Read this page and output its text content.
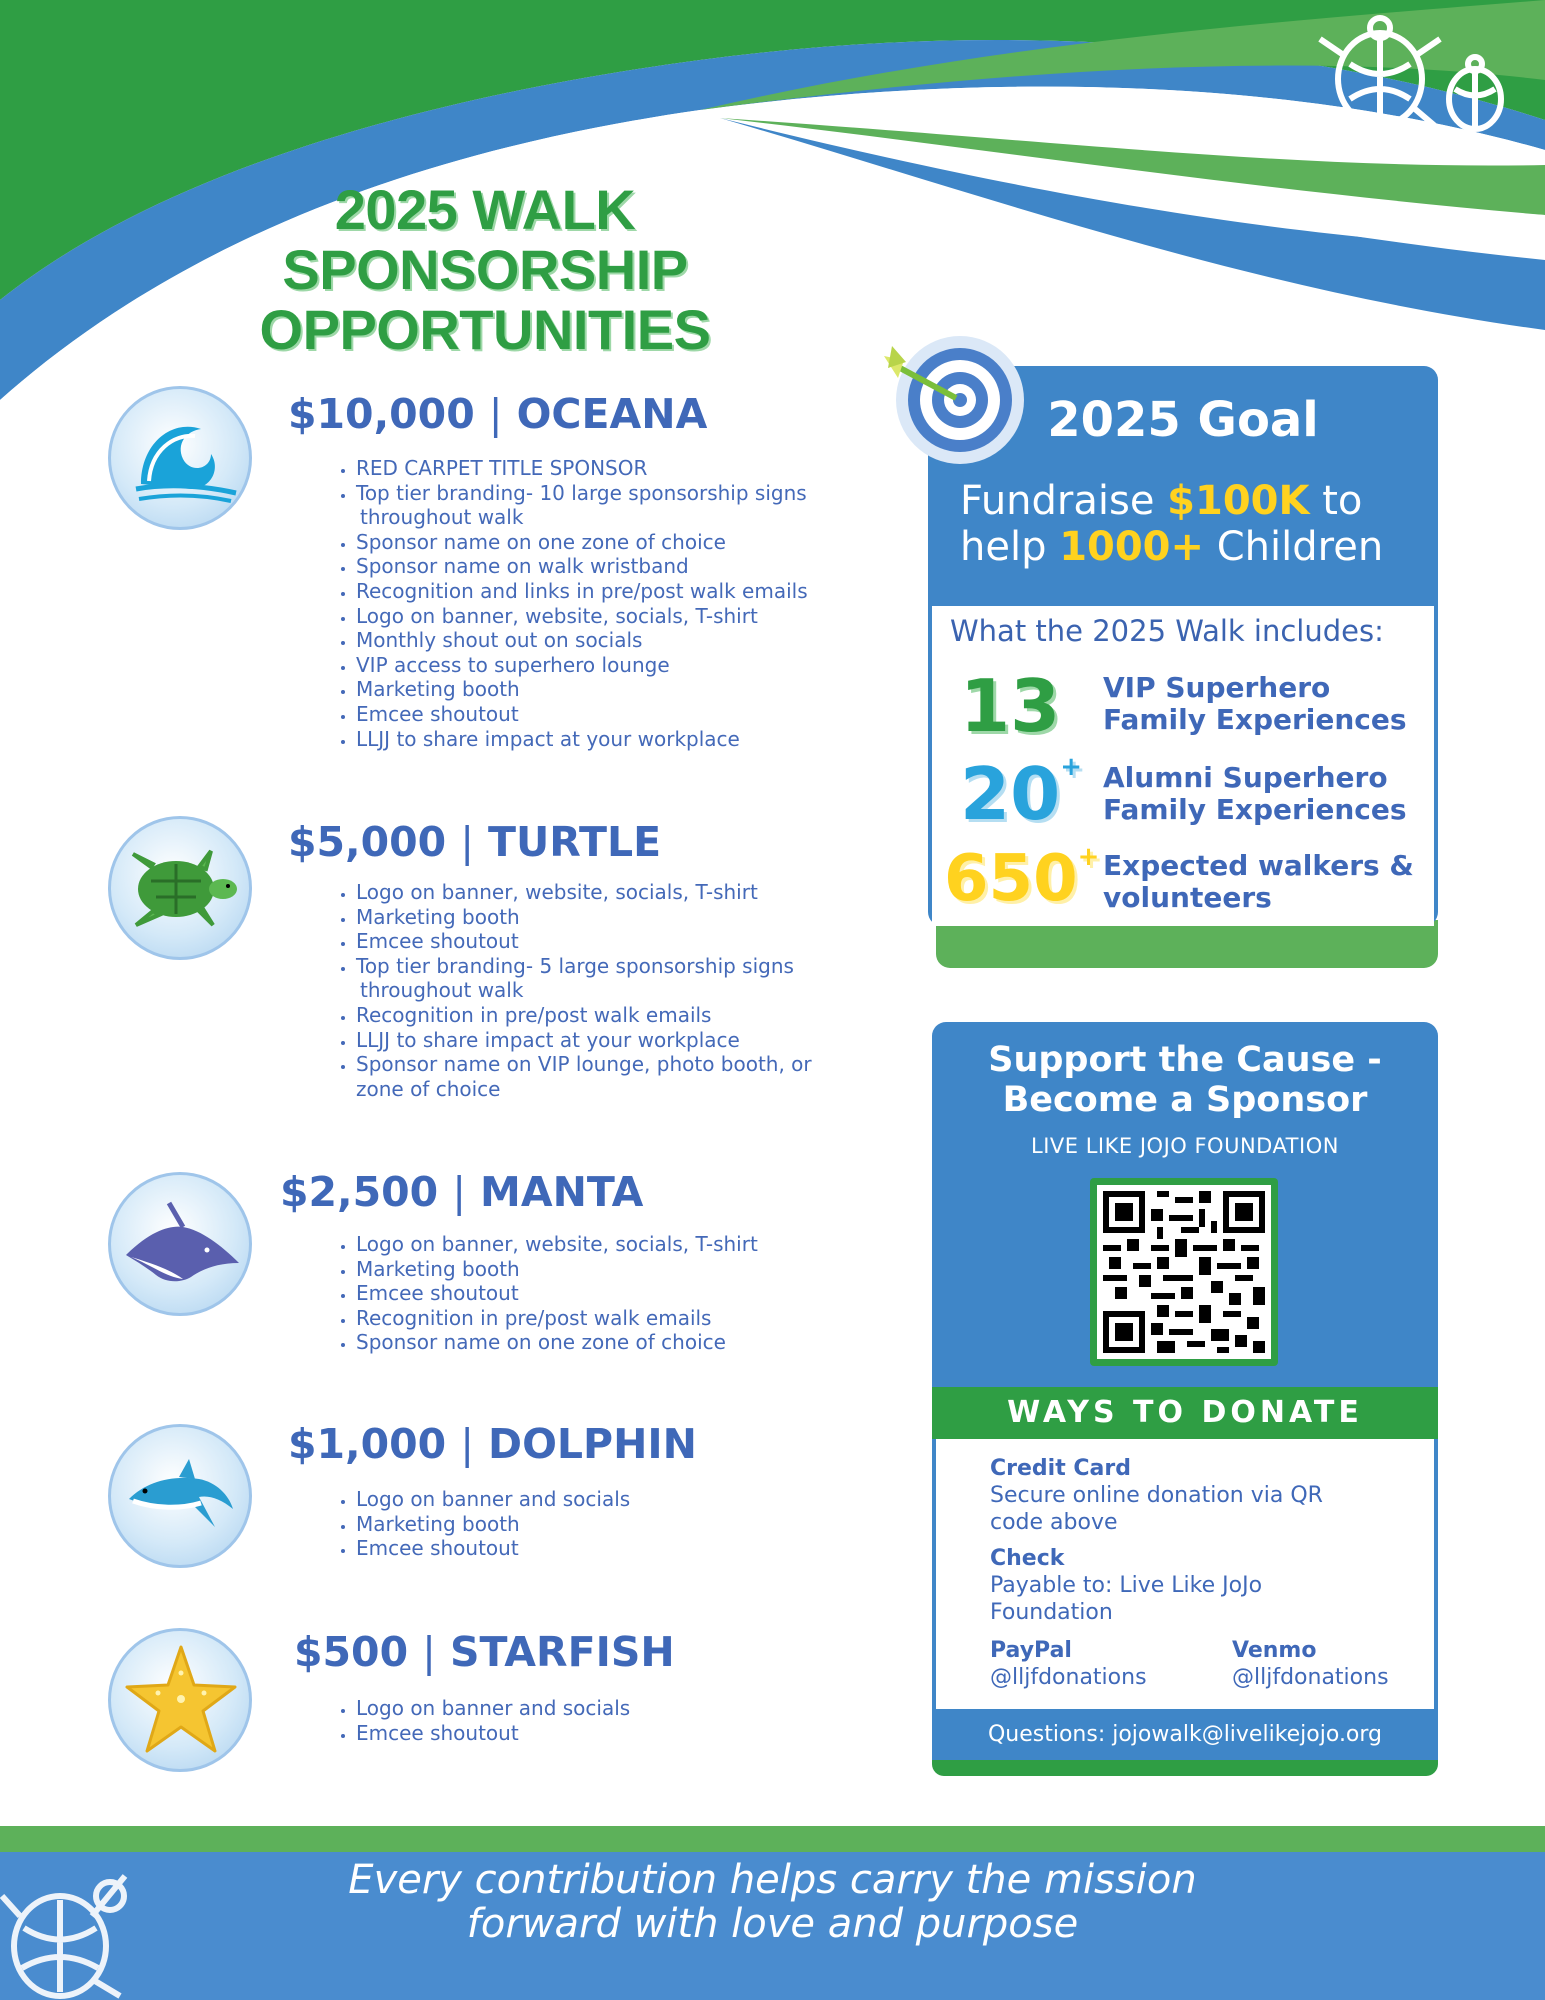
2025 WALK
SPONSORSHIP
OPPORTUNITIES
$10,000 | OCEANA
• RED CARPET TITLE SPONSOR
• Top tier branding- 10 large sponsorship signs
throughout walk
• Sponsor name on one zone of choice
• Sponsor name on walk wristband
• Recognition and links in pre/post walk emails
• Logo on banner, website, socials, T-shirt
• Monthly shout out on socials
• VIP access to superhero lounge
• Marketing booth
• Emcee shoutout
• LLJJ to share impact at your workplace
$5,000 | TURTLE
• Logo on banner, website, socials, T-shirt
• Marketing booth
• Emcee shoutout
• Top tier branding- 5 large sponsorship signs
throughout walk
• Recognition in pre/post walk emails
• LLJJ to share impact at your workplace
• Sponsor name on VIP lounge, photo booth, or
zone of choice
$2,500 | MANTA
• Logo on banner, website, socials, T-shirt
• Marketing booth
• Emcee shoutout
• Recognition in pre/post walk emails
• Sponsor name on one zone of choice
$1,000 | DOLPHIN
• Logo on banner and socials
• Marketing booth
• Emcee shoutout
$500 | STARFISH
• Logo on banner and socials
• Emcee shoutout
2025 Goal
Fundraise $100K to
help 1000+ Children
What the 2025 Walk includes:
13 VIP Superhero
Family Experiences
20+ Alumni Superhero
Family Experiences
650+ Expected walkers &
volunteers
Support the Cause -
Become a Sponsor
LIVE LIKE JOJO FOUNDATION
WAYS TO DONATE
Credit Card
Secure online donation via QR
code above
Check
Payable to: Live Like JoJo
Foundation
PayPal
@lljfdonations
Venmo
@lljfdonations
Questions: jojowalk@livelikejojo.org
Every contribution helps carry the mission
forward with love and purpose
